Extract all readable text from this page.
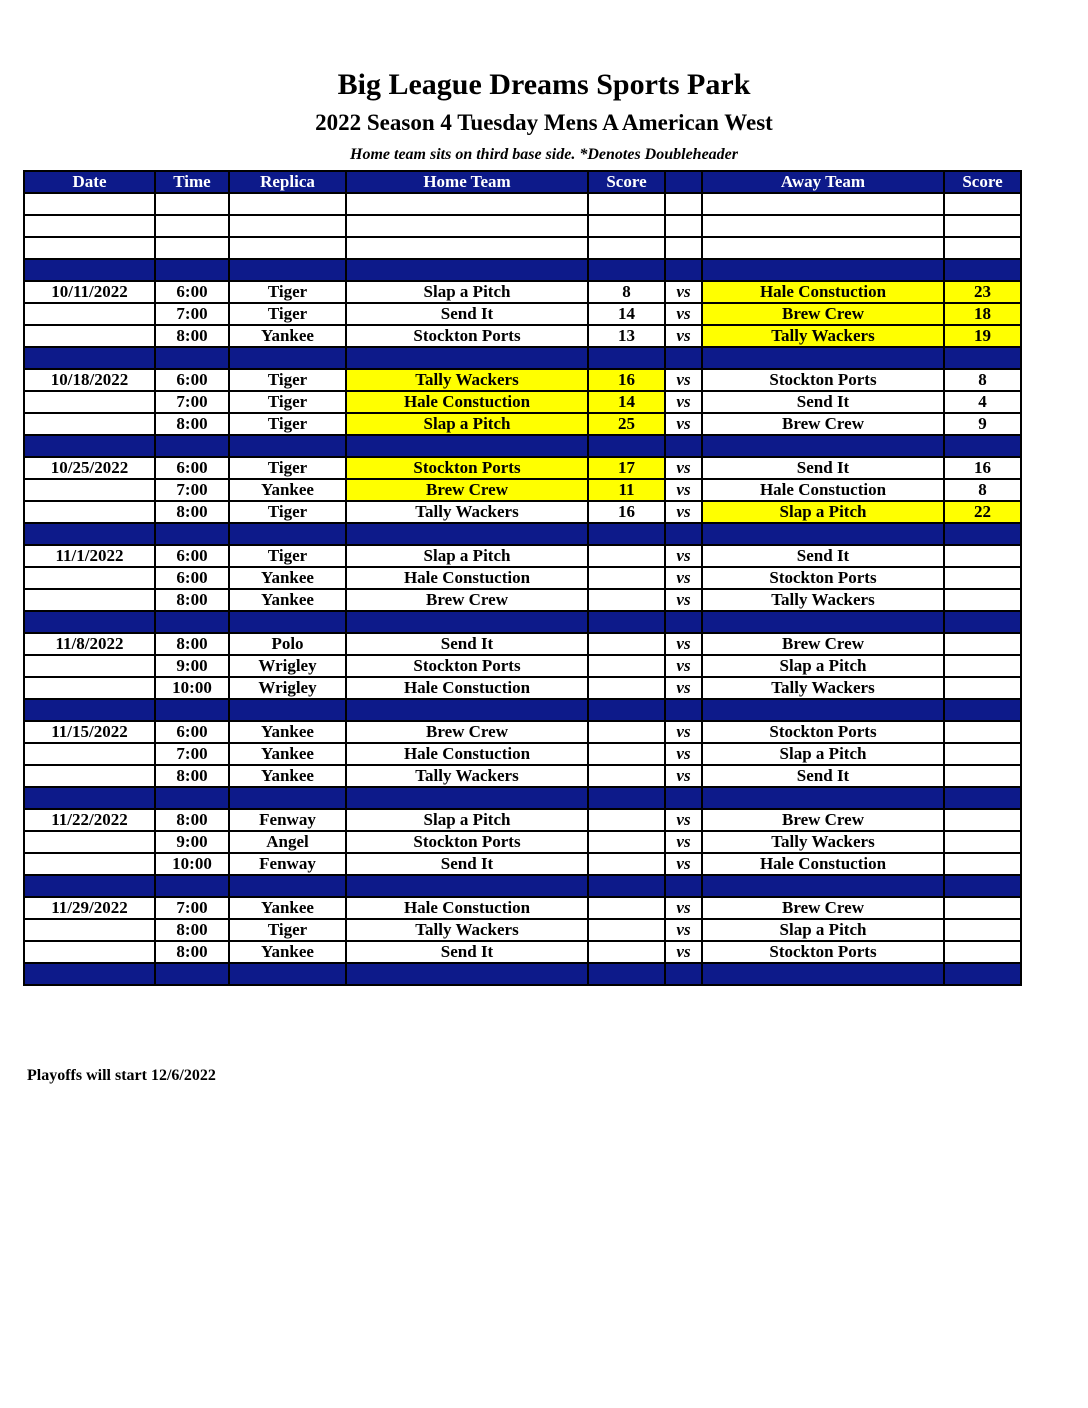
Big League Dreams Sports Park
2022 Season 4 Tuesday Mens A American West
Home team sits on third base side. *Denotes Doubleheader
Date	Time	Replica	Home Team	Score		Away Team	Score

10/11/2022	6:00	Tiger	Slap a Pitch	8	vs	Hale Constuction	23
	7:00	Tiger	Send It	14	vs	Brew Crew	18
	8:00	Yankee	Stockton Ports	13	vs	Tally Wackers	19

10/18/2022	6:00	Tiger	Tally Wackers	16	vs	Stockton Ports	8
	7:00	Tiger	Hale Constuction	14	vs	Send It	4
	8:00	Tiger	Slap a Pitch	25	vs	Brew Crew	9

10/25/2022	6:00	Tiger	Stockton Ports	17	vs	Send It	16
	7:00	Yankee	Brew Crew	11	vs	Hale Constuction	8
	8:00	Tiger	Tally Wackers	16	vs	Slap a Pitch	22

11/1/2022	6:00	Tiger	Slap a Pitch		vs	Send It	
	6:00	Yankee	Hale Constuction		vs	Stockton Ports	
	8:00	Yankee	Brew Crew		vs	Tally Wackers	

11/8/2022	8:00	Polo	Send It		vs	Brew Crew	
	9:00	Wrigley	Stockton Ports		vs	Slap a Pitch	
	10:00	Wrigley	Hale Constuction		vs	Tally Wackers	

11/15/2022	6:00	Yankee	Brew Crew		vs	Stockton Ports	
	7:00	Yankee	Hale Constuction		vs	Slap a Pitch	
	8:00	Yankee	Tally Wackers		vs	Send It	

11/22/2022	8:00	Fenway	Slap a Pitch		vs	Brew Crew	
	9:00	Angel	Stockton Ports		vs	Tally Wackers	
	10:00	Fenway	Send It		vs	Hale Constuction	

11/29/2022	7:00	Yankee	Hale Constuction		vs	Brew Crew	
	8:00	Tiger	Tally Wackers		vs	Slap a Pitch	
	8:00	Yankee	Send It		vs	Stockton Ports	

Playoffs will start 12/6/2022
